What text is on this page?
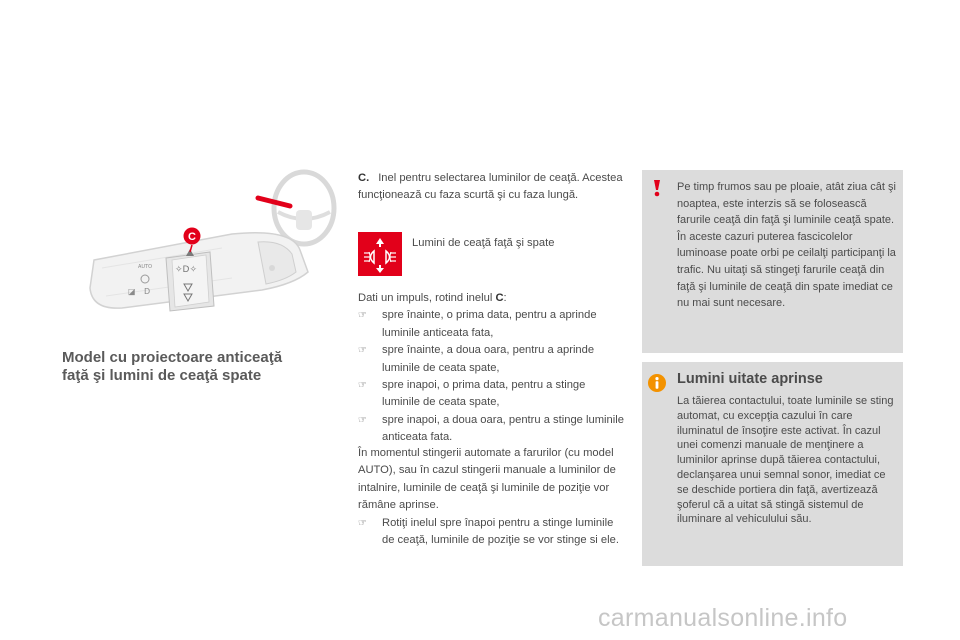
✧D✧
AUTO
◪ D
C
Model cu proiectoare anticeaţă
faţă şi lumini de ceaţă spate
C. Inel pentru selectarea luminilor de ceaţă. Acestea funcţionează cu faza scurtă şi cu faza lungă.
Lumini de ceaţă faţă şi spate
Dati un impuls, rotind inelul C:
☞ spre înainte, o prima data, pentru a aprinde luminile anticeata fata,
☞ spre înainte, a doua oara, pentru a aprinde luminile de ceata spate,
☞ spre inapoi, o prima data, pentru a stinge luminile de ceata spate,
☞ spre inapoi, a doua oara, pentru a stinge luminile anticeata fata.
În momentul stingerii automate a farurilor (cu model AUTO), sau în cazul stingerii manuale a luminilor de intalnire, luminile de ceaţă şi luminile de poziţie vor rămâne aprinse.
☞ Rotiţi inelul spre înapoi pentru a stinge luminile de ceaţă, luminile de poziţie se vor stinge si ele.
Pe timp frumos sau pe ploaie, atât ziua cât şi noaptea, este interzis să se folosească farurile ceaţă din faţă şi luminile ceaţă spate. În aceste cazuri puterea fascicolelor luminoase poate orbi pe ceilalţi participanţi la trafic. Nu uitaţi să stingeţi farurile ceaţă din faţă şi luminile de ceaţă din spate imediat ce nu mai sunt necesare.
Lumini uitate aprinse
La tăierea contactului, toate luminile se sting automat, cu excepţia cazului în care iluminatul de însoţire este activat. În cazul unei comenzi manuale de menţinere a luminilor aprinse după tăierea contactului, declanşarea unui semnal sonor, imediat ce se deschide portiera din faţă, avertizează şoferul că a uitat să stingă sistemul de iluminare al vehiculului său.
carmanualsonline.info
